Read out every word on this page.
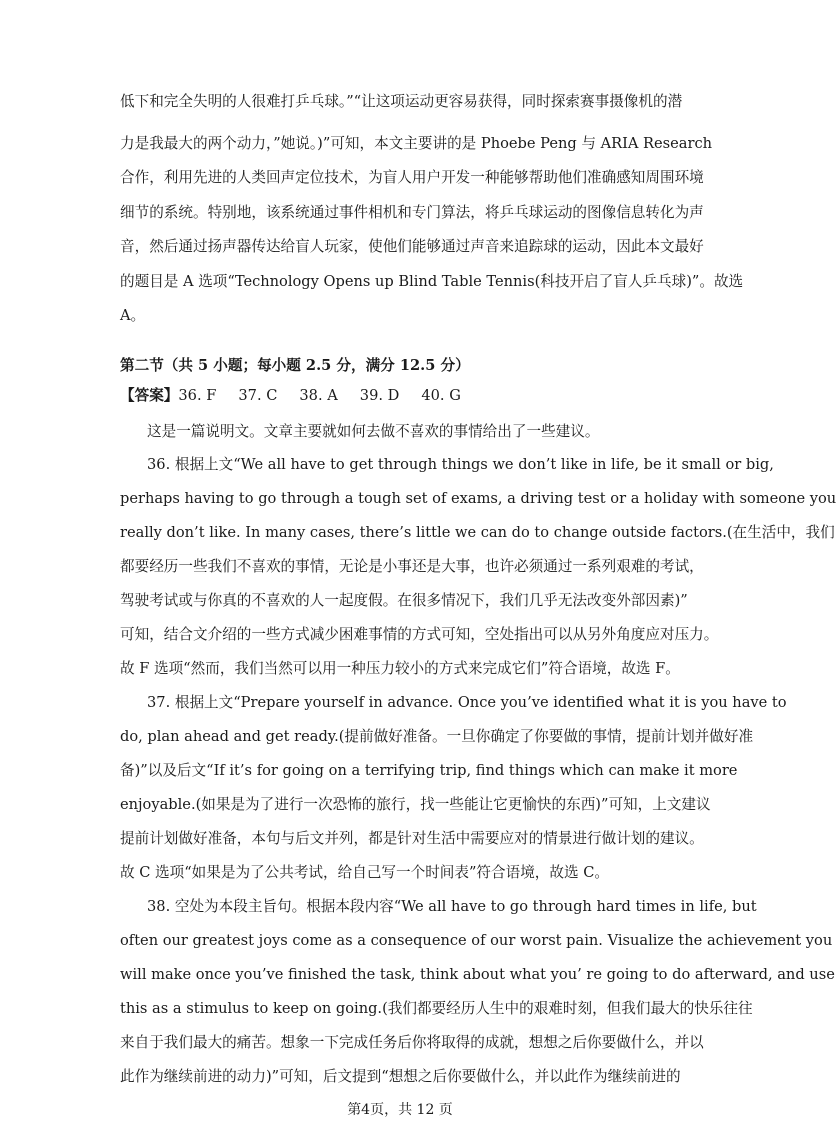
低下和完全失明的人很难打乒乓球。”“让这项运动更容易获得，同时探索赛事摄像机的潜
力是我最大的两个动力，”她说。)”可知，本文主要讲的是 Phoebe Peng 与 ARIA Research
合作，利用先进的人类回声定位技术，为盲人用户开发一种能够帮助他们准确感知周围环境
细节的系统。特别地，该系统通过事件相机和专门算法，将乒乓球运动的图像信息转化为声
音，然后通过扬声器传达给盲人玩家，使他们能够通过声音来追踪球的运动，因此本文最好
的题目是 A 选项“Technology Opens up Blind Table Tennis(科技开启了盲人乒乓球)”。故选
A。
第二节（共 5 小题；每小题 2.5 分，满分 12.5 分）
【答案】36. F 37. C 38. A 39. D 40. G
这是一篇说明文。文章主要就如何去做不喜欢的事情给出了一些建议。
36. 根据上文“We all have to get through things we don’t like in life, be it small or big,
perhaps having to go through a tough set of exams, a driving test or a holiday with someone you
really don’t like. In many cases, there’s little we can do to change outside factors.(在生活中，我们
都要经历一些我们不喜欢的事情，无论是小事还是大事，也许必须通过一系列艰难的考试，
驾驶考试或与你真的不喜欢的人一起度假。在很多情况下，我们几乎无法改变外部因素)”
可知，结合文介绍的一些方式减少困难事情的方式可知，空处指出可以从另外角度应对压力。
故 F 选项“然而，我们当然可以用一种压力较小的方式来完成它们”符合语境，故选 F。
37. 根据上文“Prepare yourself in advance. Once you’ve identified what it is you have to
do, plan ahead and get ready.(提前做好准备。一旦你确定了你要做的事情，提前计划并做好准
备)”以及后文“If it’s for going on a terrifying trip, find things which can make it more
enjoyable.(如果是为了进行一次恐怖的旅行，找一些能让它更愉快的东西)”可知，上文建议
提前计划做好准备，本句与后文并列，都是针对生活中需要应对的情景进行做计划的建议。
故 C 选项“如果是为了公共考试，给自己写一个时间表”符合语境，故选 C。
38. 空处为本段主旨句。根据本段内容“We all have to go through hard times in life, but
often our greatest joys come as a consequence of our worst pain. Visualize the achievement you
will make once you’ve finished the task, think about what you’ re going to do afterward, and use
this as a stimulus to keep on going.(我们都要经历人生中的艰难时刻，但我们最大的快乐往往
来自于我们最大的痛苦。想象一下完成任务后你将取得的成就，想想之后你要做什么，并以
此作为继续前进的动力)”可知，后文提到“想想之后你要做什么，并以此作为继续前进的
第4页，共 12 页
